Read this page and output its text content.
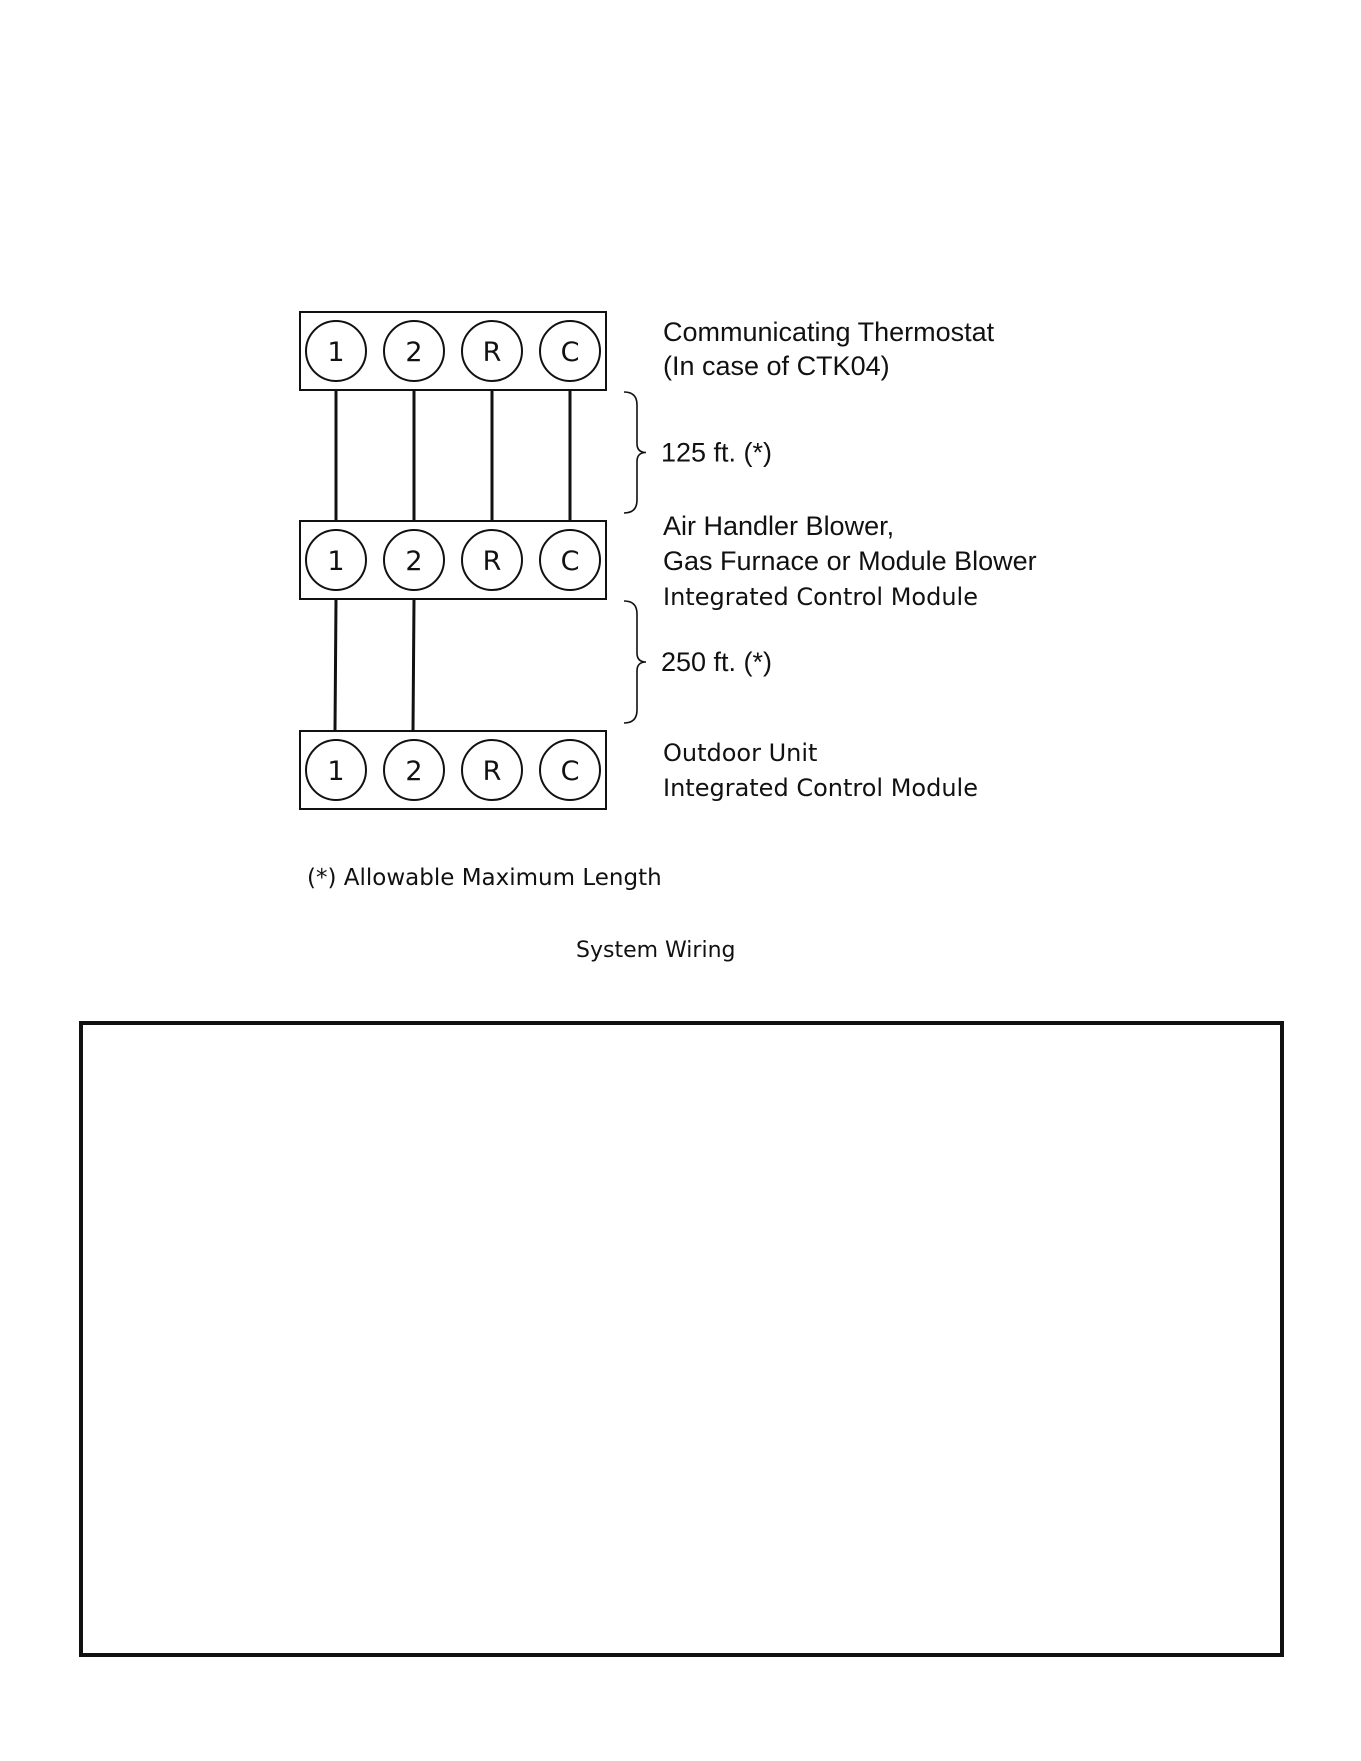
1 2 R C
1 2 R C
1 2 R C
125 ft. (*)
250 ft. (*)
Communicating Thermostat
(In case of CTK04)
Air Handler Blower,
Gas Furnace or Module Blower
Integrated Control Module
Outdoor Unit
Integrated Control Module
(*) Allowable Maximum Length
System Wiring
